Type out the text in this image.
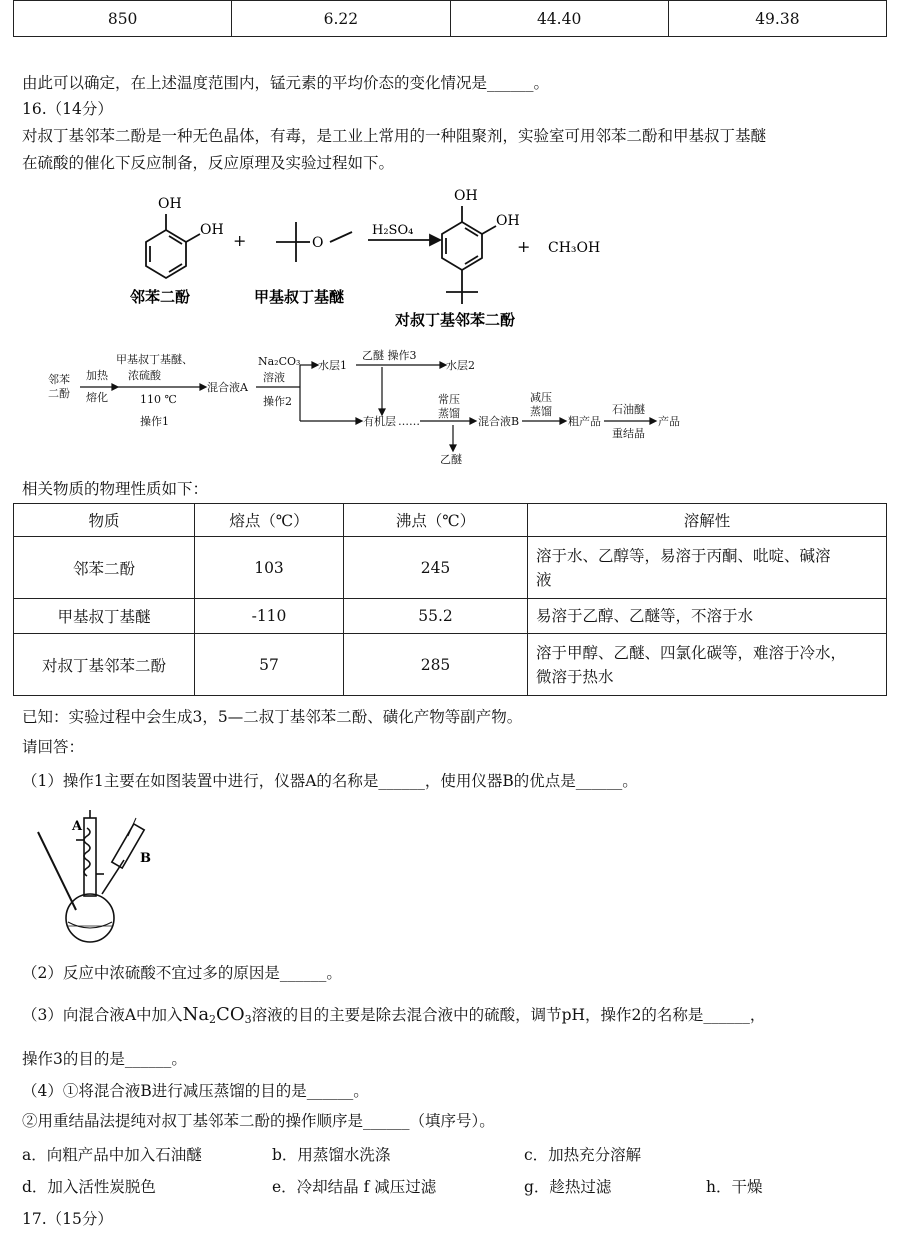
850	6.22	44.40	49.38
由此可以确定，在上述温度范围内，锰元素的平均价态的变化情况是______。
16.（14分）
对叔丁基邻苯二酚是一种无色晶体，有毒，是工业上常用的一种阻聚剂，实验室可用邻苯二酚和甲基叔丁基醚
在硫酸的催化下反应制备，反应原理及实验过程如下。
OH
OH
+	O
H₂SO₄
OH
OH
+ CH₃OH
邻苯二酚	甲基叔丁基醚
对叔丁基邻苯二酚
邻苯
二酚
加热
熔化
甲基叔丁基醚、
浓硫酸
110 ℃
操作1
混合液A
Na₂CO₃
溶液
操作2
水层1
乙醚 操作3
水层2
有机层 ……
常压
蒸馏
混合液B
减压
蒸馏
粗产品
石油醚
重结晶
产品
乙醚
相关物质的物理性质如下：
物质	熔点（℃）	沸点（℃）	溶解性
邻苯二酚	103	245	溶于水、乙醇等，易溶于丙酮、吡啶、碱溶
液
甲基叔丁基醚	-110	55.2	易溶于乙醇、乙醚等，不溶于水
对叔丁基邻苯二酚	57	285	溶于甲醇、乙醚、四氯化碳等，难溶于冷水，
微溶于热水
已知：实验过程中会生成3，5—二叔丁基邻苯二酚、磺化产物等副产物。
请回答：
（1）操作1主要在如图装置中进行，仪器A的名称是______，使用仪器B的优点是______。
A
B
（2）反应中浓硫酸不宜过多的原因是______。
（3）向混合液A中加入$Na_2CO_3$溶液的目的主要是除去混合液中的硫酸，调节pH，操作2的名称是______，
操作3的目的是______。
（4）①将混合液B进行减压蒸馏的目的是______。
②用重结晶法提纯对叔丁基邻苯二酚的操作顺序是______（填序号）。
a．向粗产品中加入石油醚	b．用蒸馏水洗涤	c．加热充分溶解
d．加入活性炭脱色	e．冷却结晶 f 减压过滤	g．趁热过滤	h．干燥
17.（15分）
